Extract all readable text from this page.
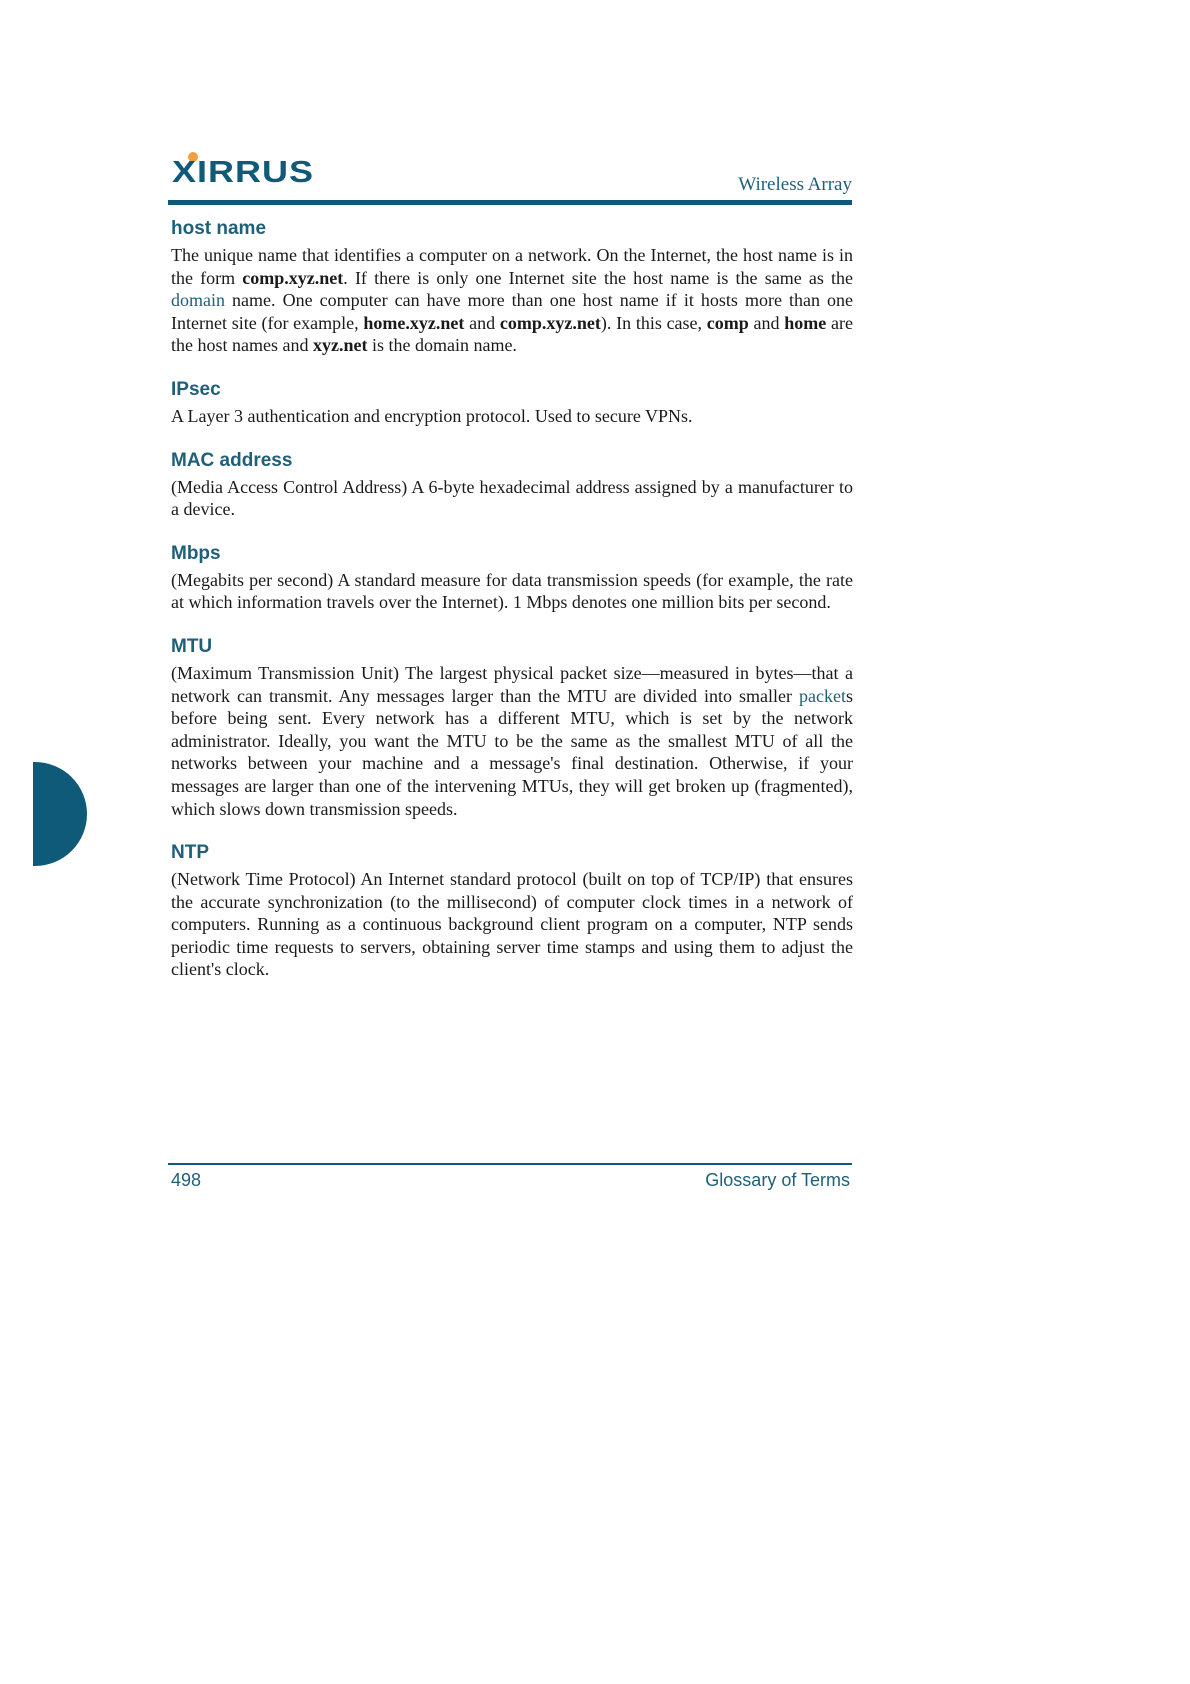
XIRRUS	Wireless Array
host name

The unique name that identifies a computer on a network. On the Internet, the host name is in the form comp.xyz.net. If there is only one Internet site the host name is the same as the domain name. One computer can have more than one host name if it hosts more than one Internet site (for example, home.xyz.net and comp.xyz.net). In this case, comp and home are the host names and xyz.net is the domain name.

IPsec

A Layer 3 authentication and encryption protocol. Used to secure VPNs.

MAC address

(Media Access Control Address) A 6-byte hexadecimal address assigned by a manufacturer to a device.

Mbps

(Megabits per second) A standard measure for data transmission speeds (for example, the rate at which information travels over the Internet). 1 Mbps denotes one million bits per second.

MTU

(Maximum Transmission Unit) The largest physical packet size—measured in bytes—that a network can transmit. Any messages larger than the MTU are divided into smaller packets before being sent. Every network has a different MTU, which is set by the network administrator. Ideally, you want the MTU to be the same as the smallest MTU of all the networks between your machine and a message's final destination. Otherwise, if your messages are larger than one of the intervening MTUs, they will get broken up (fragmented), which slows down transmission speeds.

NTP

(Network Time Protocol) An Internet standard protocol (built on top of TCP/IP) that ensures the accurate synchronization (to the millisecond) of computer clock times in a network of computers. Running as a continuous background client program on a computer, NTP sends periodic time requests to servers, obtaining server time stamps and using them to adjust the client's clock.

498	Glossary of Terms
